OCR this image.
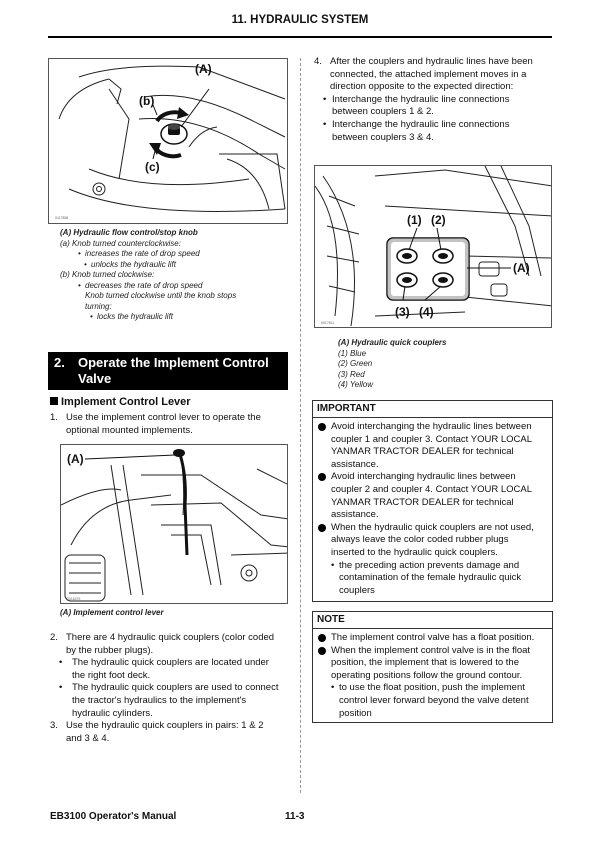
11. HYDRAULIC SYSTEM
(A)
(b)
(c)
0117856
(A) Hydraulic flow control/stop knob
(a) Knob turned counterclockwise:
• increases the rate of drop speed
• unlocks the hydraulic lift
(b) Knob turned clockwise:
• decreases the rate of drop speed
Knob turned clockwise until the knob stops
turning:
• locks the hydraulic lift
2. Operate the Implement Control
Valve
Implement Control Lever
1. Use the implement control lever to operate the
optional mounted implements.
(A)
0011879
(A) Implement control lever
2. There are 4 hydraulic quick couplers (color coded
by the rubber plugs).
• The hydraulic quick couplers are located under
the right foot deck.
• The hydraulic quick couplers are used to connect
the tractor's hydraulics to the implement's
hydraulic cylinders.
3. Use the hydraulic quick couplers in pairs: 1 & 2
and 3 & 4.
4. After the couplers and hydraulic lines have been
connected, the attached implement moves in a
direction opposite to the expected direction:
• Interchange the hydraulic line connections
between couplers 1 & 2.
• Interchange the hydraulic line connections
between couplers 3 & 4.
(1) (2)
(3) (4)
(A)
0017811
(A) Hydraulic quick couplers
(1) Blue
(2) Green
(3) Red
(4) Yellow
IMPORTANT
Avoid interchanging the hydraulic lines between
coupler 1 and coupler 3. Contact YOUR LOCAL
YANMAR TRACTOR DEALER for technical
assistance.
Avoid interchanging hydraulic lines between
coupler 2 and coupler 4. Contact YOUR LOCAL
YANMAR TRACTOR DEALER for technical
assistance.
When the hydraulic quick couplers are not used,
always leave the color coded rubber plugs
inserted to the hydraulic quick couplers.
• the preceding action prevents damage and
contamination of the female hydraulic quick
couplers
NOTE
The implement control valve has a float position.
When the implement control valve is in the float
position, the implement that is lowered to the
operating positions follow the ground contour.
• to use the float position, push the implement
control lever forward beyond the valve detent
position
EB3100 Operator's Manual	11-3
